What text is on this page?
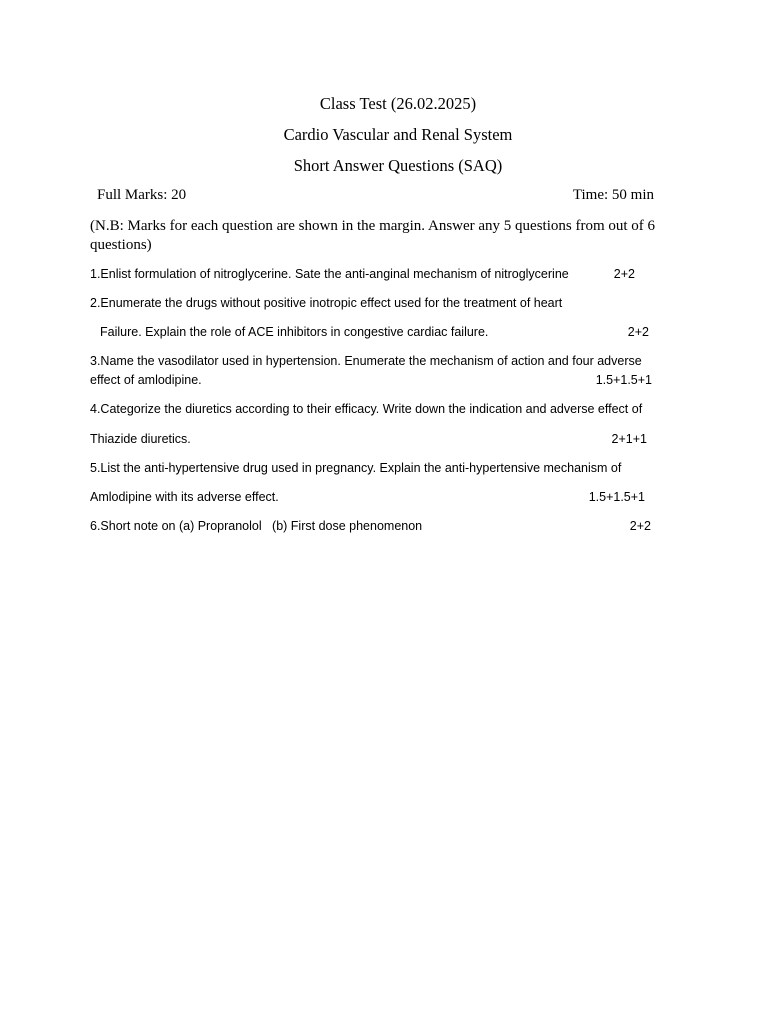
Class Test (26.02.2025)
Cardio Vascular and Renal System
Short Answer Questions (SAQ)
Full Marks: 20	Time: 50 min
(N.B: Marks for each question are shown in the margin. Answer any 5 questions from out of 6 questions)
1.Enlist formulation of nitroglycerine. Sate the anti-anginal mechanism of nitroglycerine	2+2
2.Enumerate the drugs without positive inotropic effect used for the treatment of heart
Failure. Explain the role of ACE inhibitors in congestive cardiac failure.	2+2
3.Name the vasodilator used in hypertension. Enumerate the mechanism of action and four adverse
effect of amlodipine.	1.5+1.5+1
4.Categorize the diuretics according to their efficacy. Write down the indication and adverse effect of
Thiazide diuretics.	2+1+1
5.List the anti-hypertensive drug used in pregnancy. Explain the anti-hypertensive mechanism of
Amlodipine with its adverse effect.	1.5+1.5+1
6.Short note on (a) Propranolol   (b) First dose phenomenon	2+2
